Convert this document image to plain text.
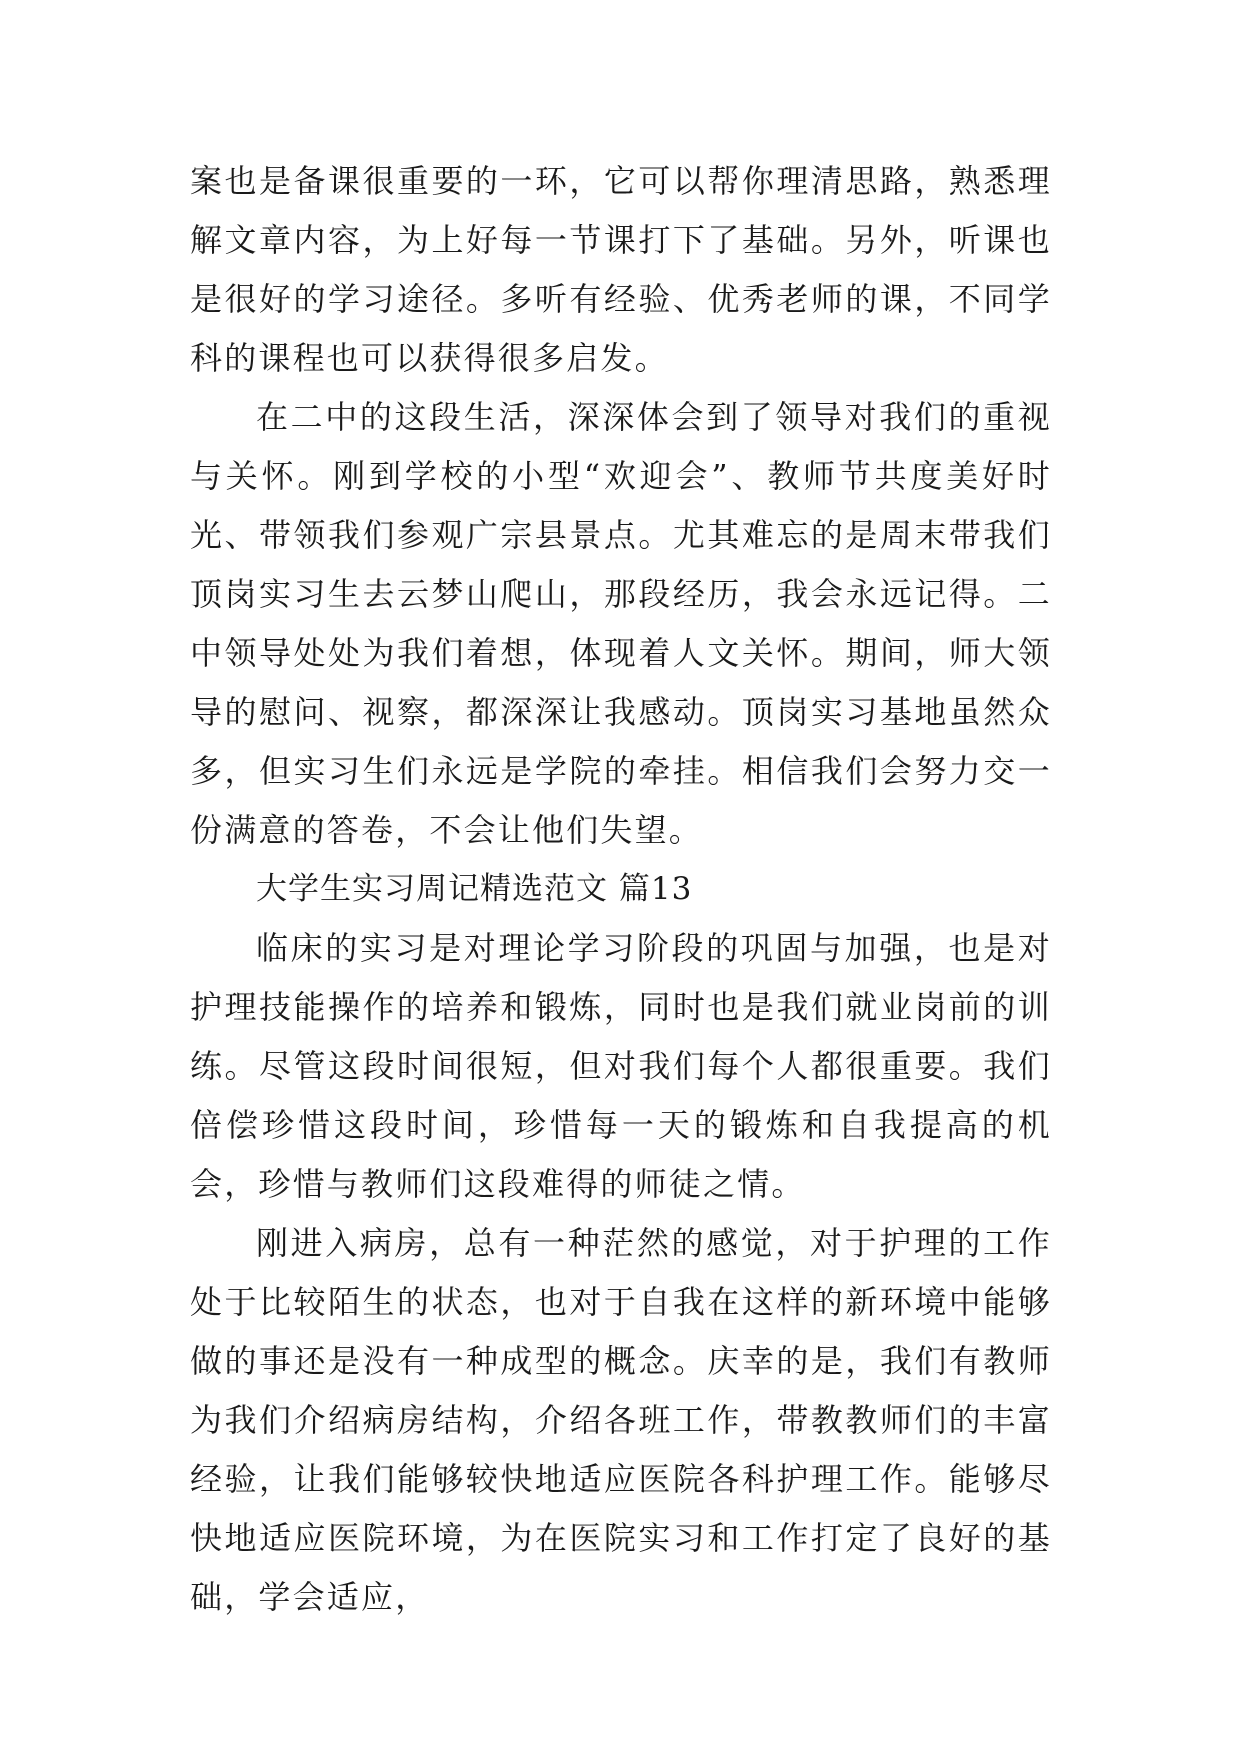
案也是备课很重要的一环，它可以帮你理清思路，熟悉理解文章内容，为上好每一节课打下了基础。另外，听课也是很好的学习途径。多听有经验、优秀老师的课，不同学科的课程也可以获得很多启发。

在二中的这段生活，深深体会到了领导对我们的重视与关怀。刚到学校的小型“欢迎会”、教师节共度美好时光、带领我们参观广宗县景点。尤其难忘的是周末带我们顶岗实习生去云梦山爬山，那段经历，我会永远记得。二中领导处处为我们着想，体现着人文关怀。期间，师大领导的慰问、视察，都深深让我感动。顶岗实习基地虽然众多，但实习生们永远是学院的牵挂。相信我们会努力交一份满意的答卷，不会让他们失望。

大学生实习周记精选范文 篇13

临床的实习是对理论学习阶段的巩固与加强，也是对护理技能操作的培养和锻炼，同时也是我们就业岗前的训练。尽管这段时间很短，但对我们每个人都很重要。我们倍偿珍惜这段时间，珍惜每一天的锻炼和自我提高的机会，珍惜与教师们这段难得的师徒之情。

刚进入病房，总有一种茫然的感觉，对于护理的工作处于比较陌生的状态，也对于自我在这样的新环境中能够做的事还是没有一种成型的概念。庆幸的是，我们有教师为我们介绍病房结构，介绍各班工作，带教教师们的丰富经验，让我们能够较快地适应医院各科护理工作。能够尽快地适应医院环境，为在医院实习和工作打定了良好的基础，学会适应，
